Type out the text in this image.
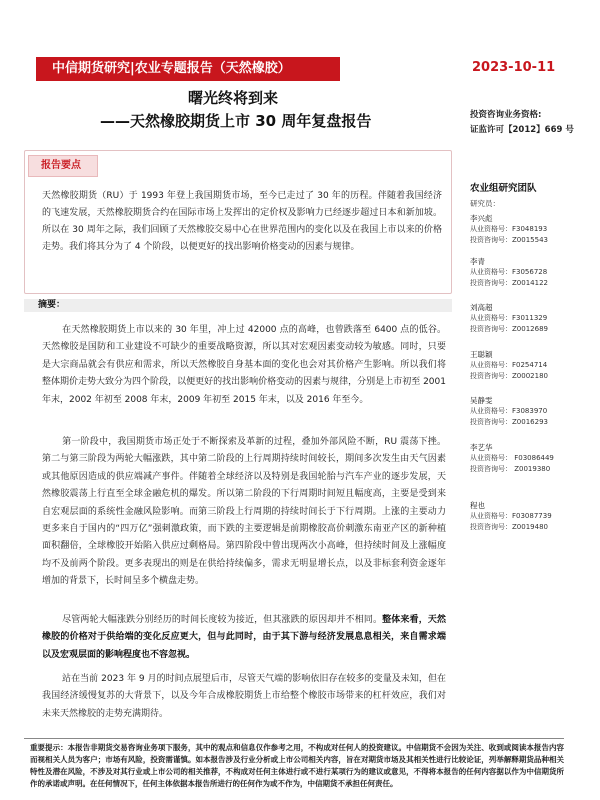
中信期货研究|农业专题报告（天然橡胶）	2023-10-11
曙光终将到来
——天然橡胶期货上市 30 周年复盘报告	投资咨询业务资格:
证监许可【2012】669 号
报告要点
天然橡胶期货（RU）于 1993 年登上我国期货市场，至今已走过了 30 年的历程。伴随着我国经济的飞速发展，天然橡胶期货合约在国际市场上发挥出的定价权及影响力已经逐步超过日本和新加坡。所以在 30 周年之际，我们回顾了天然橡胶交易中心在世界范围内的变化以及在我国上市以来的价格走势。我们将其分为了 4 个阶段，以便更好的找出影响价格变动的因素与规律。
摘要：
在天然橡胶期货上市以来的 30 年里，冲上过 42000 点的高峰，也曾跌落至 6400 点的低谷。天然橡胶是国防和工业建设不可缺少的重要战略资源，所以其对宏观因素变动较为敏感。同时，只要是大宗商品就会有供应和需求，所以天然橡胶自身基本面的变化也会对其价格产生影响。所以我们将整体期价走势大致分为四个阶段，以便更好的找出影响价格变动的因素与规律，分别是上市初至 2001 年末，2002 年初至 2008 年末，2009 年初至 2015 年末，以及 2016 年至今。
第一阶段中，我国期货市场正处于不断探索及革新的过程，叠加外部风险不断，RU 震荡下挫。第二与第三阶段为两轮大幅涨跌，其中第二阶段的上行周期持续时间较长，期间多次发生由天气因素或其他原因造成的供应端减产事件。伴随着全球经济以及特别是我国轮胎与汽车产业的逐步发展，天然橡胶震荡上行直至全球金融危机的爆发。所以第二阶段的下行周期时间短且幅度高，主要是受到来自宏观层面的系统性金融风险影响。而第三阶段上行周期的持续时间长于下行周期。上涨的主要动力更多来自于国内的“四万亿”强刺激政策，而下跌的主要逻辑是前期橡胶高价刺激东南亚产区的新种植面积翻倍，全球橡胶开始陷入供应过剩格局。第四阶段中曾出现两次小高峰，但持续时间及上涨幅度均不及前两个阶段。更多表现出的则是在供给持续偏多，需求无明显增长点，以及非标套利资金逐年增加的背景下，长时间呈多个横盘走势。
尽管两轮大幅涨跌分别经历的时间长度较为接近，但其涨跌的原因却并不相同。整体来看，天然橡胶的价格对于供给端的变化反应更大，但与此同时，由于其下游与经济发展息息相关，来自需求端以及宏观层面的影响程度也不容忽视。
站在当前 2023 年 9 月的时间点展望后市，尽管天气端的影响依旧存在较多的变量及未知，但在我国经济缓慢复苏的大背景下，以及今年合成橡胶期货上市给整个橡胶市场带来的杠杆效应，我们对未来天然橡胶的走势充满期待。
农业组研究团队
研究员：
李兴彪
从业资格号：F3048193
投资咨询号：Z0015543
李青
从业资格号：F3056728
投资咨询号：Z0014122
刘高超
从业资格号：F3011329
投资咨询号：Z0012689
王聪颖
从业资格号：F0254714
投资咨询号：Z0002180
吴静雯
从业资格号：F3083970
投资咨询号：Z0016293
李艺华
从业资格号： F03086449
投资咨询号： Z0019380
程也
从业资格号：F03087739
投资咨询号：Z0019480
重要提示：本报告非期货交易咨询业务项下服务，其中的观点和信息仅作参考之用，不构成对任何人的投资建议。中信期货不会因为关注、收到或阅读本报告内容而视相关人员为客户；市场有风险，投资需谨慎。如本报告涉及行业分析或上市公司相关内容，旨在对期货市场及其相关性进行比较论证，列举解释期货品种相关特性及潜在风险，不涉及对其行业或上市公司的相关推荐，不构成对任何主体进行或不进行某项行为的建议或意见，不得将本报告的任何内容据以作为中信期货所作的承诺或声明。在任何情况下，任何主体依据本报告所进行的任何作为或不作为，中信期货不承担任何责任。
